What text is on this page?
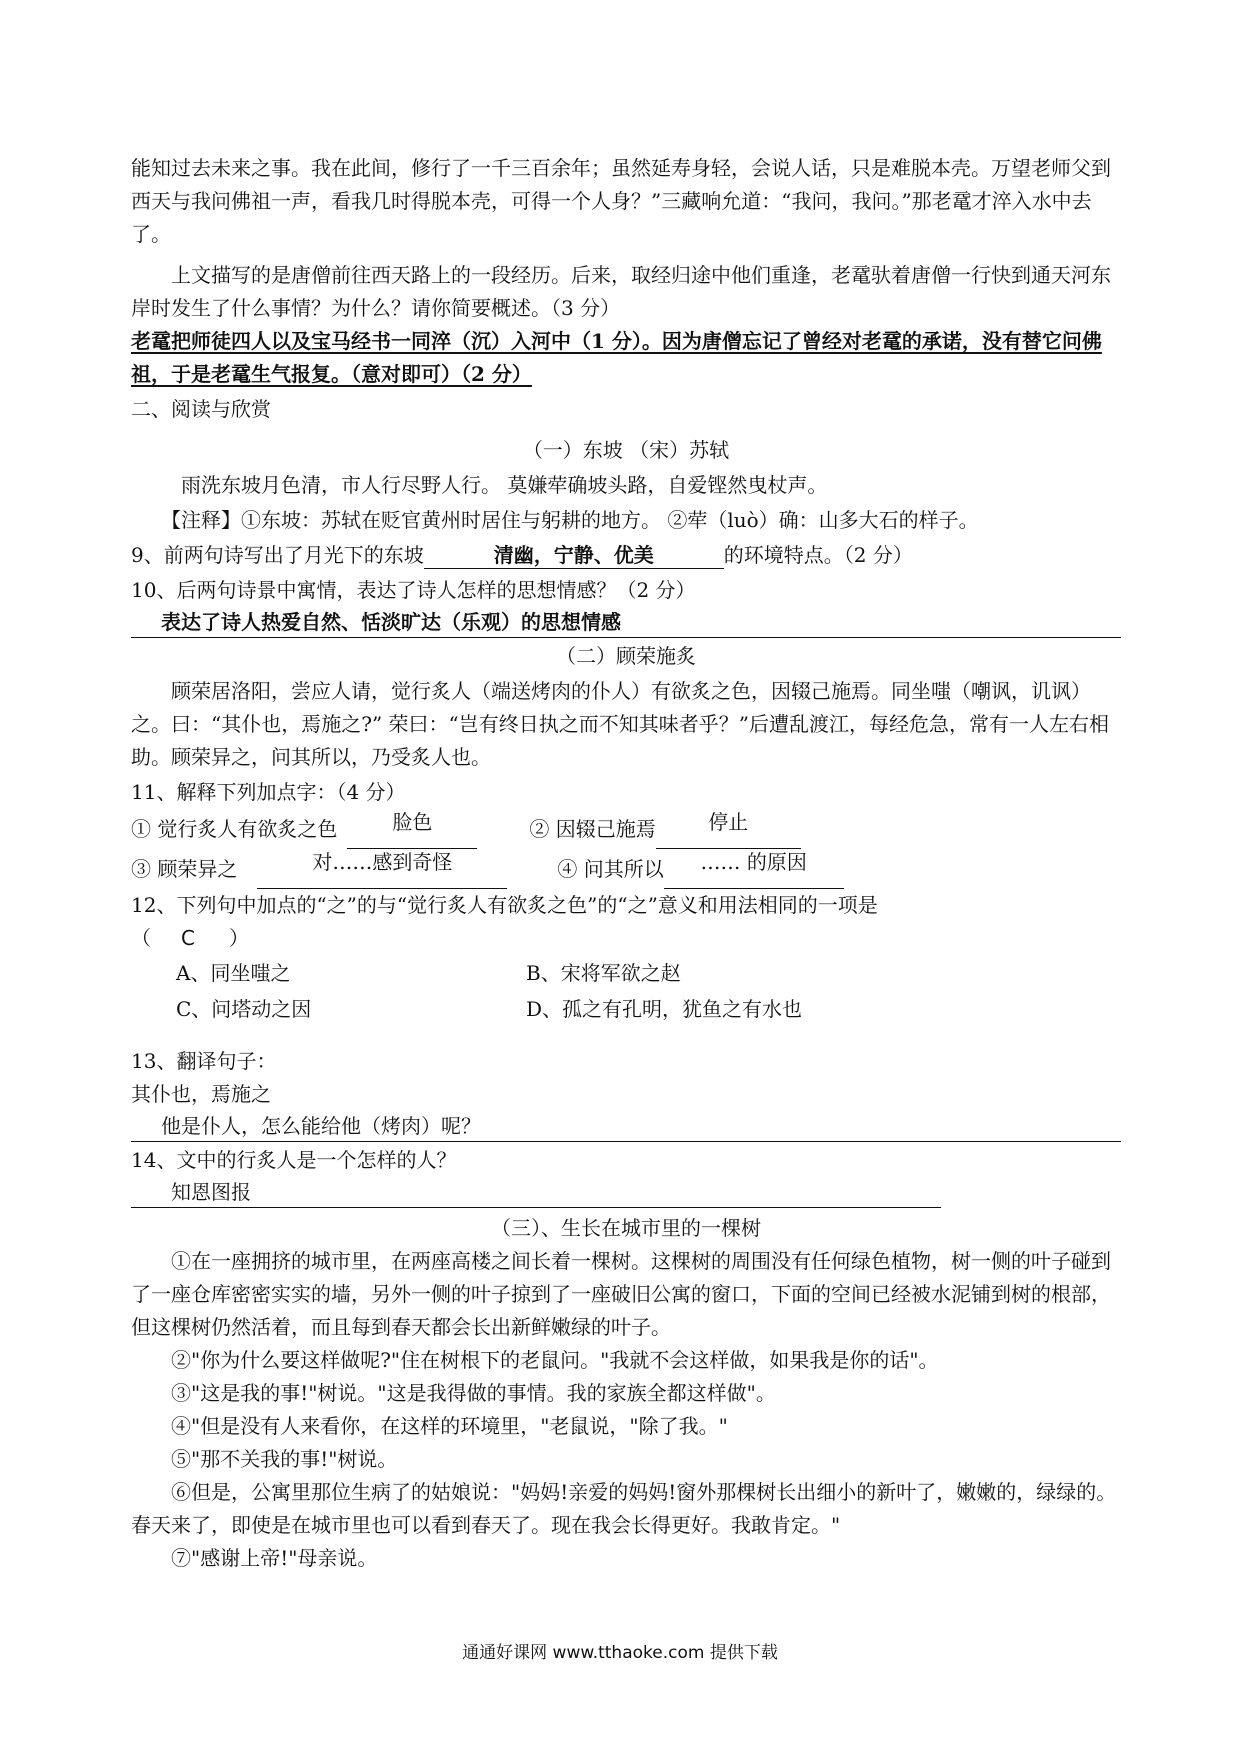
能知过去未来之事。我在此间，修行了一千三百余年；虽然延寿身轻，会说人话，只是难脱本壳。万望老师父到西天与我问佛祖一声，看我几时得脱本壳，可得一个人身？”三藏响允道：“我问，我问。”那老鼋才淬入水中去了。

上文描写的是唐僧前往西天路上的一段经历。后来，取经归途中他们重逢，老鼋驮着唐僧一行快到通天河东岸时发生了什么事情？为什么？请你简要概述。（3 分）

老鼋把师徒四人以及宝马经书一同淬（沉）入河中（1 分）。因为唐僧忘记了曾经对老鼋的承诺，没有替它问佛祖，于是老鼋生气报复。（意对即可）（2 分）

二、阅读与欣赏

（一）东坡 （宋）苏轼

雨洗东坡月色清，市人行尽野人行。 莫嫌荦确坡头路，自爱铿然曳杖声。

【注释】①东坡：苏轼在贬官黄州时居住与躬耕的地方。 ②荦（luò）确：山多大石的样子。

9、前两句诗写出了月光下的东坡	清幽，宁静、优美	的环境特点。（2 分）

10、后两句诗景中寓情，表达了诗人怎样的思想情感？（2 分）

表达了诗人热爱自然、恬淡旷达（乐观）的思想情感

（二）顾荣施炙

顾荣居洛阳，尝应人请，觉行炙人（端送烤肉的仆人）有欲炙之色，因辍己施焉。同坐嗤（嘲讽，讥讽）之。曰：“其仆也，焉施之?” 荣曰：“岂有终日执之而不知其味者乎？”后遭乱渡江，每经危急，常有一人左右相助。顾荣异之，问其所以，乃受炙人也。

11、解释下列加点字：（4 分）

① 觉行炙人有欲炙之色	脸色	② 因辍己施焉	停止
③ 顾荣异之	对……感到奇怪	④ 问其所以	…… 的原因

12、下列句中加点的“之”的与“觉行炙人有欲炙之色”的“之”意义和用法相同的一项是

（ C ）

A、同坐嗤之	B、宋将军欲之赵
C、问塔动之因	D、孤之有孔明，犹鱼之有水也

13、翻译句子：

其仆也，焉施之

他是仆人，怎么能给他（烤肉）呢？

14、文中的行炙人是一个怎样的人？

知恩图报

（三）、生长在城市里的一棵树

①在一座拥挤的城市里，在两座高楼之间长着一棵树。这棵树的周围没有任何绿色植物，树一侧的叶子碰到了一座仓库密密实实的墙，另外一侧的叶子掠到了一座破旧公寓的窗口，下面的空间已经被水泥铺到树的根部，但这棵树仍然活着，而且每到春天都会长出新鲜嫩绿的叶子。

②"你为什么要这样做呢?"住在树根下的老鼠问。"我就不会这样做，如果我是你的话"。

③"这是我的事!"树说。"这是我得做的事情。我的家族全都这样做"。

④"但是没有人来看你，在这样的环境里，"老鼠说，"除了我。"

⑤"那不关我的事!"树说。

⑥但是，公寓里那位生病了的姑娘说："妈妈!亲爱的妈妈!窗外那棵树长出细小的新叶了，嫩嫩的，绿绿的。春天来了，即使是在城市里也可以看到春天了。现在我会长得更好。我敢肯定。"

⑦"感谢上帝!"母亲说。

通通好课网 www.tthaoke.com 提供下载
